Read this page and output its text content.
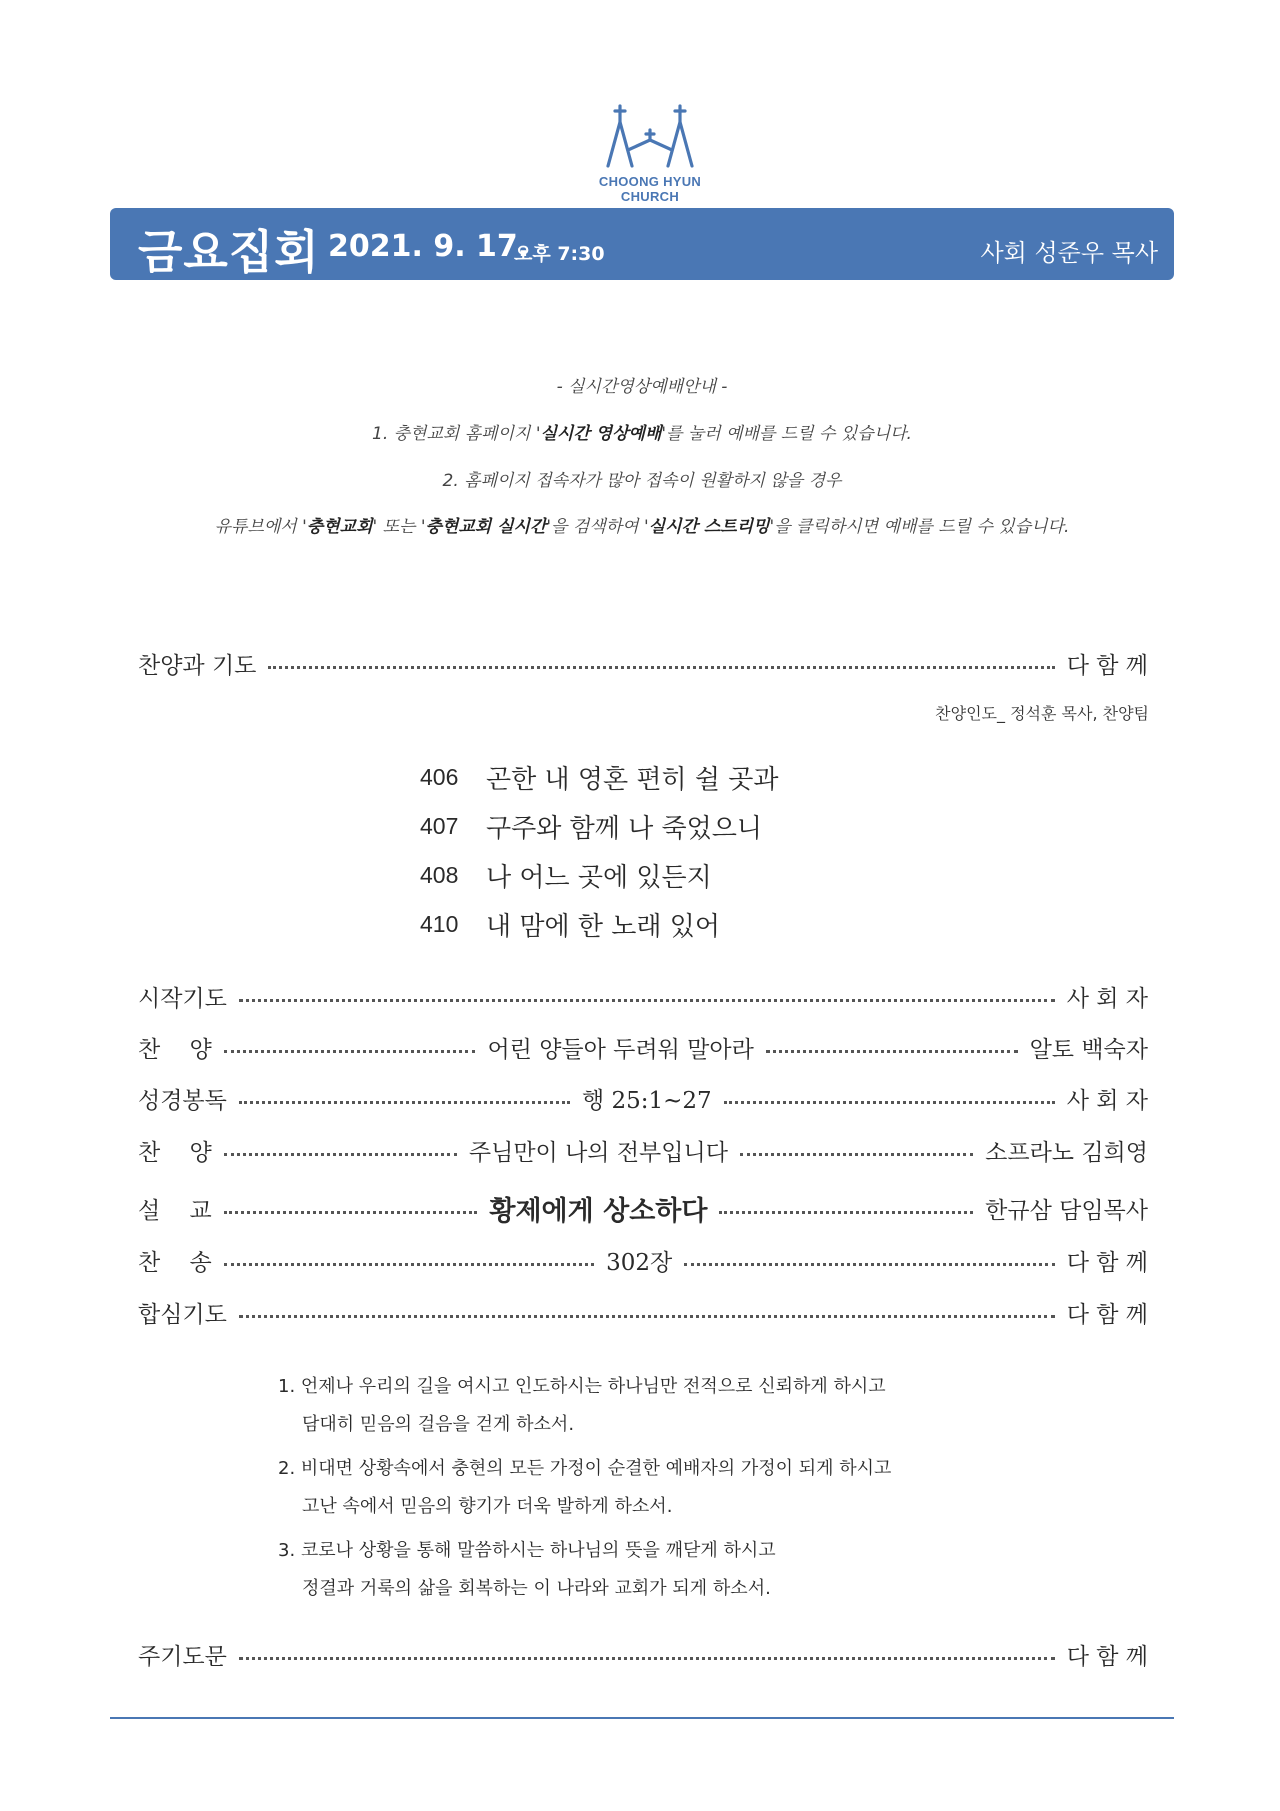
CHOONG HYUN CHURCH
금요집회 2021. 9. 17.
오후 7:30	사회 성준우 목사
- 실시간영상예배안내 -
1. 충현교회 홈페이지 '실시간 영상예배'를 눌러 예배를 드릴 수 있습니다.
2. 홈페이지 접속자가 많아 접속이 원활하지 않을 경우
유튜브에서 '충현교회' 또는 '충현교회 실시간'을 검색하여 '실시간 스트리밍'을 클릭하시면 예배를 드릴 수 있습니다.
찬양과 기도	다 함 께
찬양인도_ 정석훈 목사, 찬양팀
406	곤한 내 영혼 편히 쉴 곳과
407	구주와 함께 나 죽었으니
408	나 어느 곳에 있든지
410	내 맘에 한 노래 있어
시작기도	사 회 자
찬    양	어린 양들아 두려워 말아라	알토 백숙자
성경봉독	행 25:1~27	사 회 자
찬    양	주님만이 나의 전부입니다	소프라노 김희영
설    교	황제에게 상소하다	한규삼 담임목사
찬    송	302장	다 함 께
합심기도	다 함 께
1. 언제나 우리의 길을 여시고 인도하시는 하나님만 전적으로 신뢰하게 하시고
담대히 믿음의 걸음을 걷게 하소서.
2. 비대면 상황속에서 충현의 모든 가정이 순결한 예배자의 가정이 되게 하시고
고난 속에서 믿음의 향기가 더욱 발하게 하소서.
3. 코로나 상황을 통해 말씀하시는 하나님의 뜻을 깨닫게 하시고
정결과 거룩의 삶을 회복하는 이 나라와 교회가 되게 하소서.
주기도문	다 함 께
